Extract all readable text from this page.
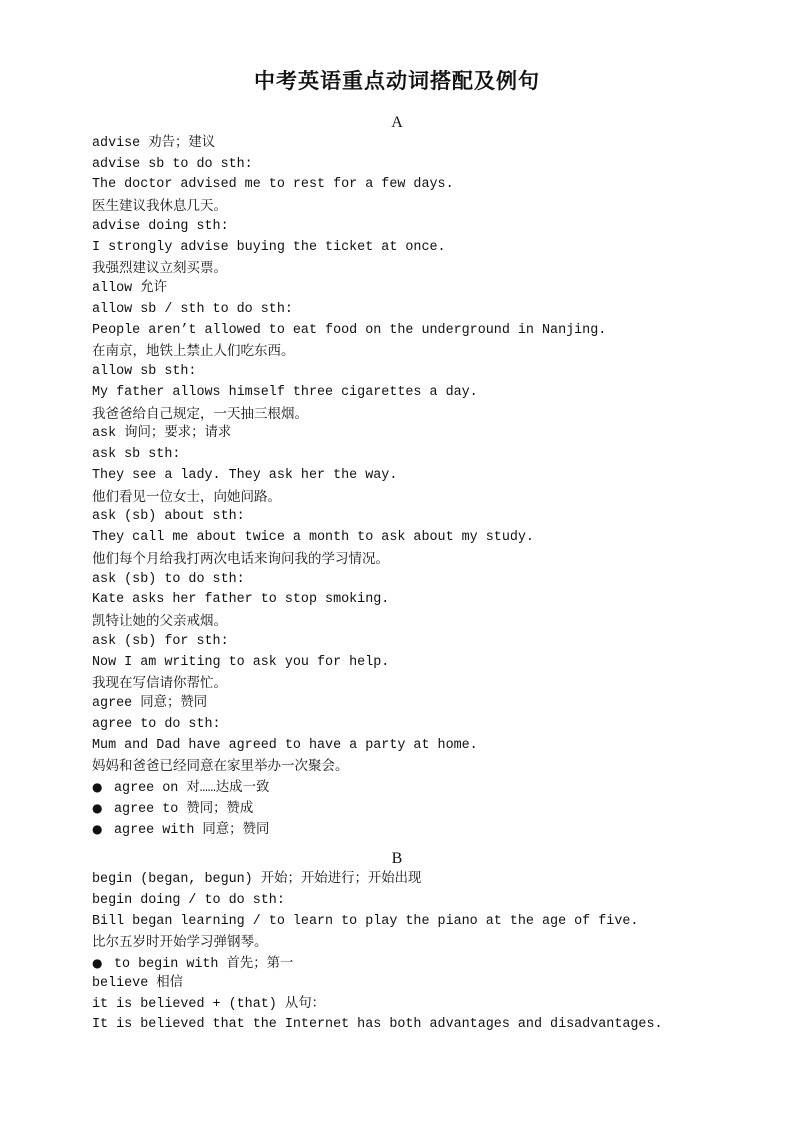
中考英语重点动词搭配及例句
A
advise 劝告；建议
advise sb to do sth:
The doctor advised me to rest for a few days.
医生建议我休息几天。
advise doing sth:
I strongly advise buying the ticket at once.
我强烈建议立刻买票。
allow 允许
allow sb / sth to do sth:
People aren’t allowed to eat food on the underground in Nanjing.
在南京，地铁上禁止人们吃东西。
allow sb sth:
My father allows himself three cigarettes a day.
我爸爸给自己规定，一天抽三根烟。
ask 询问；要求；请求
ask sb sth:
They see a lady. They ask her the way.
他们看见一位女士，向她问路。
ask (sb) about sth:
They call me about twice a month to ask about my study.
他们每个月给我打两次电话来询问我的学习情况。
ask (sb) to do sth:
Kate asks her father to stop smoking.
凯特让她的父亲戒烟。
ask (sb) for sth:
Now I am writing to ask you for help.
我现在写信请你帮忙。
agree 同意；赞同
agree to do sth:
Mum and Dad have agreed to have a party at home.
妈妈和爸爸已经同意在家里举办一次聚会。
● agree on 对……达成一致
● agree to 赞同；赞成
● agree with 同意；赞同
B
begin (began, begun) 开始；开始进行；开始出现
begin doing / to do sth:
Bill began learning / to learn to play the piano at the age of five.
比尔五岁时开始学习弹钢琴。
● to begin with 首先；第一
believe 相信
it is believed + (that) 从句：
It is believed that the Internet has both advantages and disadvantages.
